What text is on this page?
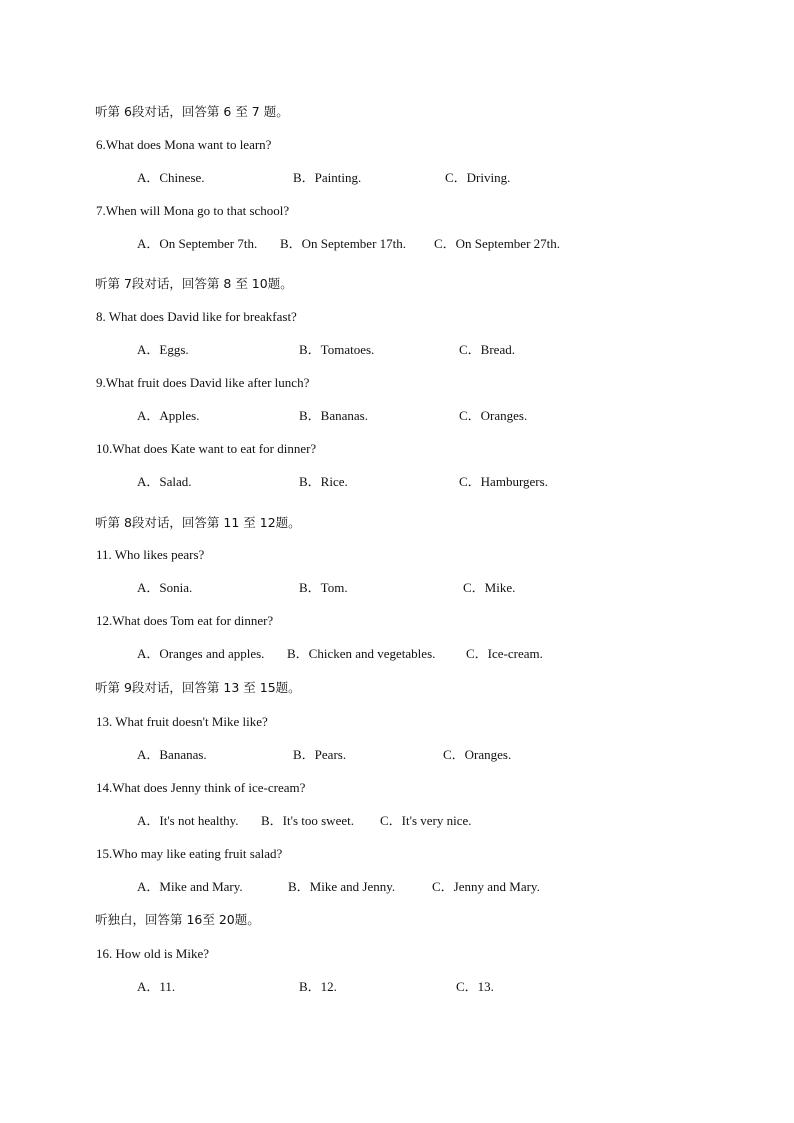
听第 6段对话，回答第 6 至 7 题。
6.What does Mona want to learn?
A．Chinese.	B．Painting.	C．Driving.
7.When will Mona go to that school?
A．On September 7th. B．On September 17th. C．On September 27th.
听第 7段对话，回答第 8 至 10题。
8. What does David like for breakfast?
A．Eggs.	B．Tomatoes.	C．Bread.
9.What fruit does David like after lunch?
A．Apples.	B．Bananas.	C．Oranges.
10.What does Kate want to eat for dinner?
A．Salad.	B．Rice.	C．Hamburgers.
听第 8段对话，回答第 11 至 12题。
11. Who likes pears?
A．Sonia.	B．Tom.	C．Mike.
12.What does Tom eat for dinner?
A．Oranges and apples. B．Chicken and vegetables. C．Ice-cream.
听第 9段对话，回答第 13 至 15题。
13. What fruit doesn't Mike like?
A．Bananas.	B．Pears.	C．Oranges.
14.What does Jenny think of ice-cream?
A．It's not healthy. B．It's too sweet. C．It's very nice.
15.Who may like eating fruit salad?
A．Mike and Mary.	B．Mike and Jenny.	C．Jenny and Mary.
听独白，回答第 16至 20题。
16. How old is Mike?
A．11.	B．12.	C．13.
